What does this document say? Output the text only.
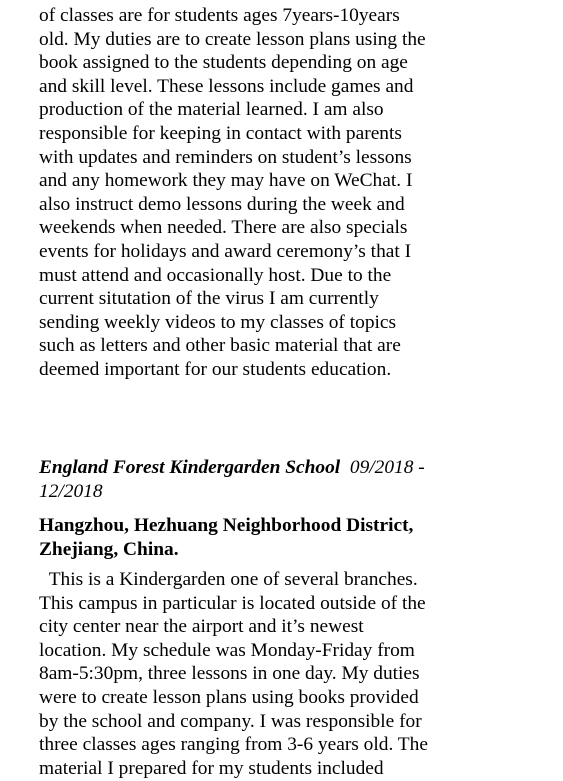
of classes are for students ages 7years-10years
old. My duties are to create lesson plans using the
book assigned to the students depending on age
and skill level. These lessons include games and
production of the material learned. I am also
responsible for keeping in contact with parents
with updates and reminders on student’s lessons
and any homework they may have on WeChat. I
also instruct demo lessons during the week and
weekends when needed. There are also specials
events for holidays and award ceremony’s that I
must attend and occasionally host. Due to the
current situtation of the virus I am currently
sending weekly videos to my classes of topics
such as letters and other basic material that are
deemed important for our students education.
England Forest Kindergarden School 09/2018 -
12/2018
Hangzhou, Hezhuang Neighborhood District,
Zhejiang, China.
This is a Kindergarden one of several branches.
This campus in particular is located outside of the
city center near the airport and it’s newest
location. My schedule was Monday-Friday from
8am-5:30pm, three lessons in one day. My duties
were to create lesson plans using books provided
by the school and company. I was responsible for
three classes ages ranging from 3-6 years old. The
material I prepared for my students included
